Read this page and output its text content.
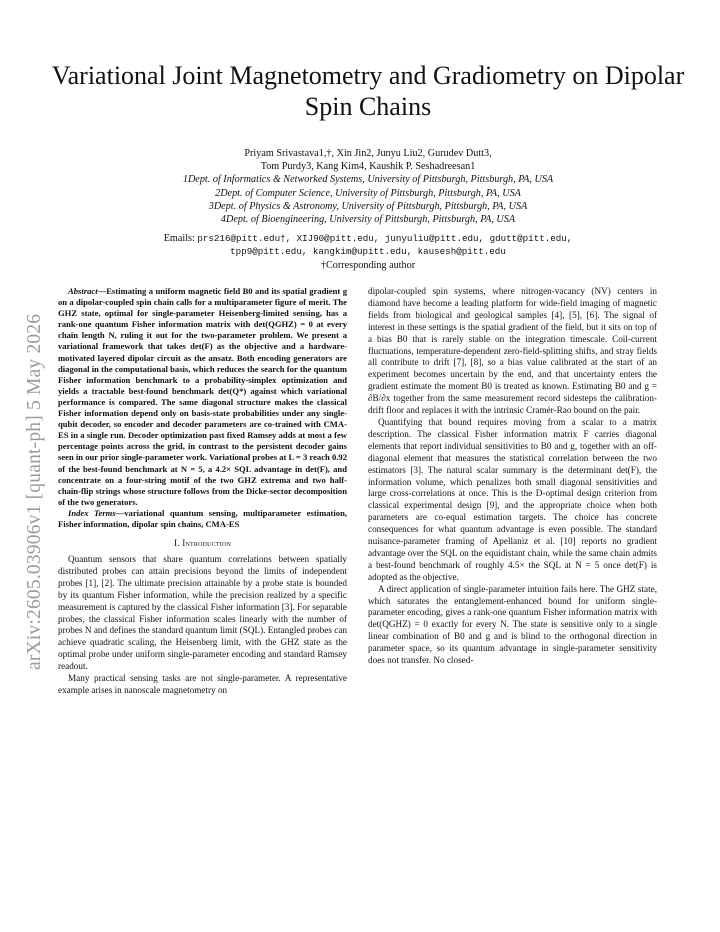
arXiv:2605.03906v1 [quant-ph] 5 May 2026
Variational Joint Magnetometry and Gradiometry on Dipolar Spin Chains
Priyam Srivastava1,†, Xin Jin2, Junyu Liu2, Gurudev Dutt3,
Tom Purdy3, Kang Kim4, Kaushik P. Seshadreesan1
1Dept. of Informatics & Networked Systems, University of Pittsburgh, Pittsburgh, PA, USA
2Dept. of Computer Science, University of Pittsburgh, Pittsburgh, PA, USA
3Dept. of Physics & Astronomy, University of Pittsburgh, Pittsburgh, PA, USA
4Dept. of Bioengineering, University of Pittsburgh, Pittsburgh, PA, USA
Emails: prs216@pitt.edu†, XIJ90@pitt.edu, junyuliu@pitt.edu, gdutt@pitt.edu,
tpp9@pitt.edu, kangkim@upitt.edu, kausesh@pitt.edu
†Corresponding author

Abstract—Estimating a uniform magnetic field B0 and its spatial gradient g on a dipolar-coupled spin chain calls for a multiparameter figure of merit. The GHZ state, optimal for single-parameter Heisenberg-limited sensing, has a rank-one quantum Fisher information matrix with det(QGHZ) = 0 at every chain length N, ruling it out for the two-parameter problem. We present a variational framework that takes det(F) as the objective and a hardware-motivated layered dipolar circuit as the ansatz. Both encoding generators are diagonal in the computational basis, which reduces the search for the quantum Fisher information benchmark to a probability-simplex optimization and yields a tractable best-found benchmark det(Q*) against which variational performance is compared. The same diagonal structure makes the classical Fisher information depend only on basis-state probabilities under any single-qubit decoder, so encoder and decoder parameters are co-trained with CMA-ES in a single run. Decoder optimization past fixed Ramsey adds at most a few percentage points across the grid, in contrast to the persistent decoder gains seen in our prior single-parameter work. Variational probes at L = 3 reach 0.92 of the best-found benchmark at N = 5, a 4.2× SQL advantage in det(F), and concentrate on a four-string motif of the two GHZ extrema and two half-chain-flip strings whose structure follows from the Dicke-sector decomposition of the two generators.

Index Terms—variational quantum sensing, multiparameter estimation, Fisher information, dipolar spin chains, CMA-ES

I. Introduction

Quantum sensors that share quantum correlations between spatially distributed probes can attain precisions beyond the limits of independent probes [1], [2]. The ultimate precision attainable by a probe state is bounded by its quantum Fisher information, while the precision realized by a specific measurement is captured by the classical Fisher information [3]. For separable probes, the classical Fisher information scales linearly with the number of probes N and defines the standard quantum limit (SQL). Entangled probes can achieve quadratic scaling, the Heisenberg limit, with the GHZ state as the optimal probe under uniform single-parameter encoding and standard Ramsey readout.

Many practical sensing tasks are not single-parameter. A representative example arises in nanoscale magnetometry on

dipolar-coupled spin systems, where nitrogen-vacancy (NV) centers in diamond have become a leading platform for wide-field imaging of magnetic fields from biological and geological samples [4], [5], [6]. The signal of interest in these settings is the spatial gradient of the field, but it sits on top of a bias B0 that is rarely stable on the integration timescale. Coil-current fluctuations, temperature-dependent zero-field-splitting shifts, and stray fields all contribute to drift [7], [8], so a bias value calibrated at the start of an experiment becomes uncertain by the end, and that uncertainty enters the gradient estimate the moment B0 is treated as known. Estimating B0 and g = ∂B/∂x together from the same measurement record sidesteps the calibration-drift floor and replaces it with the intrinsic Cramér-Rao bound on the pair.

Quantifying that bound requires moving from a scalar to a matrix description. The classical Fisher information matrix F carries diagonal elements that report individual sensitivities to B0 and g, together with an off-diagonal element that measures the statistical correlation between the two estimators [3]. The natural scalar summary is the determinant det(F), the information volume, which penalizes both small diagonal sensitivities and large cross-correlations at once. This is the D-optimal design criterion from classical experimental design [9], and the appropriate choice when both parameters are co-equal estimation targets. The choice has concrete consequences for what quantum advantage is even possible. The standard nuisance-parameter framing of Apellaniz et al. [10] reports no gradient advantage over the SQL on the equidistant chain, while the same chain admits a best-found benchmark of roughly 4.5× the SQL at N = 5 once det(F) is adopted as the objective.

A direct application of single-parameter intuition fails here. The GHZ state, which saturates the entanglement-enhanced bound for uniform single-parameter encoding, gives a rank-one quantum Fisher information matrix with det(QGHZ) = 0 exactly for every N. The state is sensitive only to a single linear combination of B0 and g and is blind to the orthogonal direction in parameter space, so its quantum advantage in single-parameter sensitivity does not transfer. No closed-
